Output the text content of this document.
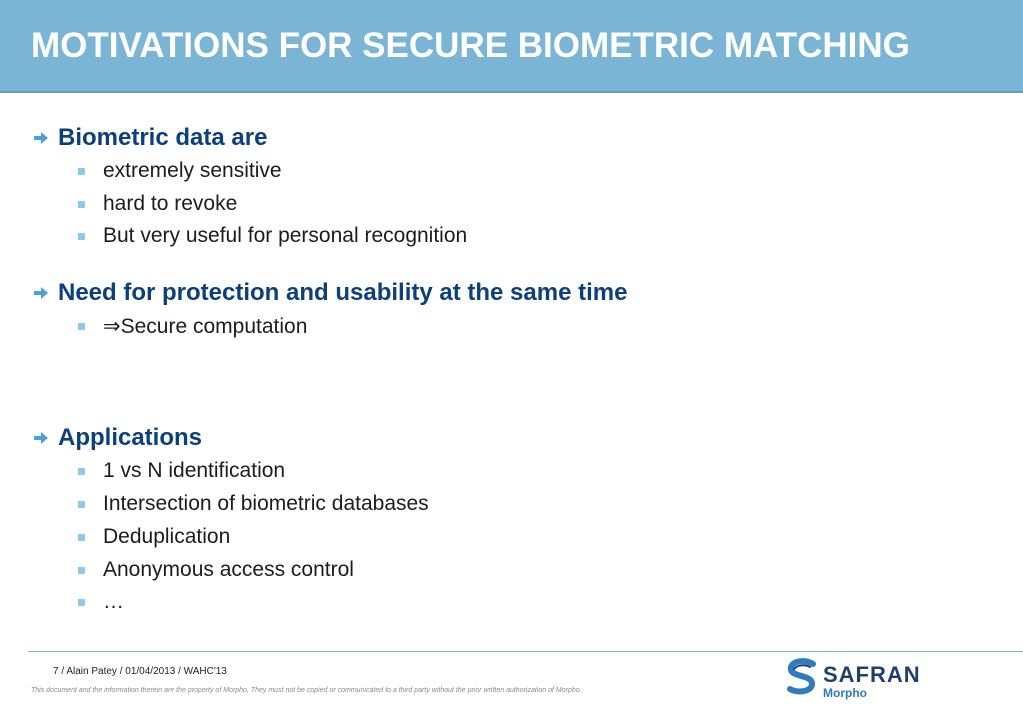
MOTIVATIONS FOR SECURE BIOMETRIC MATCHING
Biometric data are
extremely sensitive
hard to revoke
But very useful for personal recognition
Need for protection and usability at the same time
⇒Secure computation
Applications
1 vs N identification
Intersection of biometric databases
Deduplication
Anonymous access control
…
7 / Alain Patey / 01/04/2013 / WAHC'13
This document and the information therein are the property of Morpho, They must not be copied or communicated to a third party without the prior written authorization of Morpho.
SAFRAN
Morpho
